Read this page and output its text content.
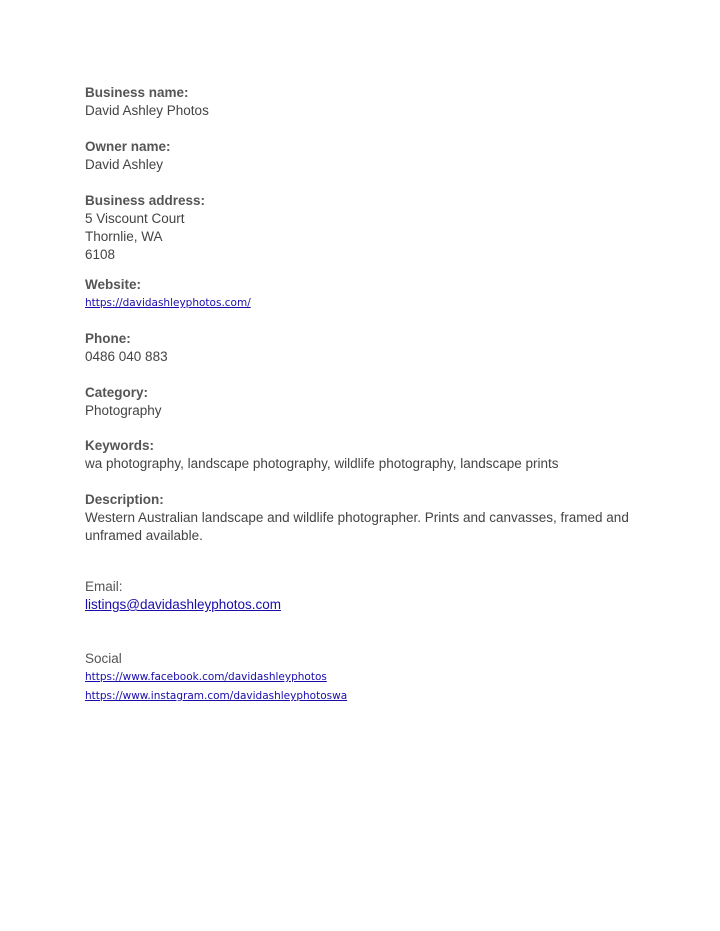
Business name:
David Ashley Photos
Owner name:
David Ashley
Business address:
5 Viscount Court
Thornlie, WA
6108
Website:
https://davidashleyphotos.com/
Phone:
0486 040 883
Category:
Photography
Keywords:
wa photography, landscape photography, wildlife photography, landscape prints
Description:
Western Australian landscape and wildlife photographer. Prints and canvasses, framed and unframed available.
Email:
listings@davidashleyphotos.com
Social
https://www.facebook.com/davidashleyphotos
https://www.instagram.com/davidashleyphotoswa
